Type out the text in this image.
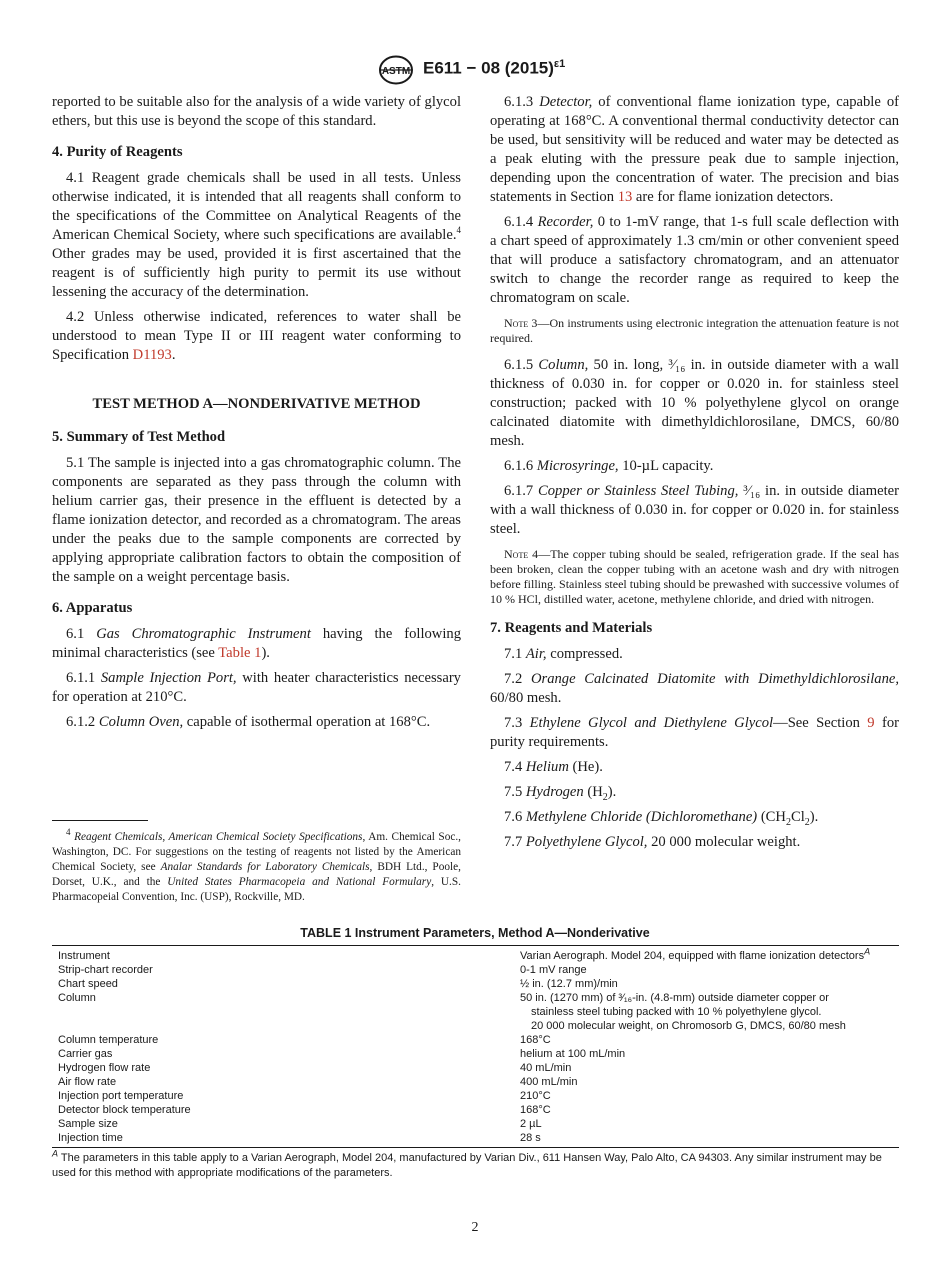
ASTM E611 − 08 $(2015)^{\varepsilon 1}$

reported to be suitable also for the analysis of a wide variety of glycol ethers, but this use is beyond the scope of this standard.

4. Purity of Reagents

4.1 Reagent grade chemicals shall be used in all tests. Unless otherwise indicated, it is intended that all reagents shall conform to the specifications of the Committee on Analytical Reagents of the American Chemical Society, where such specifications are available.$^4$ Other grades may be used, provided it is first ascertained that the reagent is of sufficiently high purity to permit its use without lessening the accuracy of the determination.

4.2 Unless otherwise indicated, references to water shall be understood to mean Type II or III reagent water conforming to Specification D1193.

TEST METHOD A—NONDERIVATIVE METHOD
5. Summary of Test Method

5.1 The sample is injected into a gas chromatographic column. The components are separated as they pass through the column with helium carrier gas, their presence in the effluent is detected by a flame ionization detector, and recorded as a chromatogram. The areas under the peaks due to the sample components are corrected by applying appropriate calibration factors to obtain the composition of the sample on a weight percentage basis.

6. Apparatus

6.1 Gas Chromatographic Instrument having the following minimal characteristics (see Table 1).

6.1.1 Sample Injection Port, with heater characteristics necessary for operation at 210°C.

6.1.2 Column Oven, capable of isothermal operation at 168°C.

$^4$ Reagent Chemicals, American Chemical Society Specifications, Am. Chemical Soc., Washington, DC. For suggestions on the testing of reagents not listed by the American Chemical Society, see Analar Standards for Laboratory Chemicals, BDH Ltd., Poole, Dorset, U.K., and the United States Pharmacopeia and National Formulary, U.S. Pharmacopeial Convention, Inc. (USP), Rockville, MD.

6.1.3 Detector, of conventional flame ionization type, capable of operating at 168°C. A conventional thermal conductivity detector can be used, but sensitivity will be reduced and water may be detected as a peak eluting with the pressure peak due to sample injection, depending upon the concentration of water. The precision and bias statements in Section 13 are for flame ionization detectors.

6.1.4 Recorder, 0 to 1-mV range, that 1-s full scale deflection with a chart speed of approximately 1.3 cm/min or other convenient speed that will produce a satisfactory chromatogram, and an attenuator switch to change the recorder range as required to keep the chromatogram on scale.

Note 3—On instruments using electronic integration the attenuation feature is not required.

6.1.5 Column, 50 in. long, ³⁄₁₆ in. in outside diameter with a wall thickness of 0.030 in. for copper or 0.020 in. for stainless steel construction; packed with 10 % polyethylene glycol on orange calcinated diatomite with dimethyldichlorosilane, DMCS, 60/80 mesh.

6.1.6 Microsyringe, 10-µL capacity.

6.1.7 Copper or Stainless Steel Tubing, ³⁄₁₆ in. in outside diameter with a wall thickness of 0.030 in. for copper or 0.020 in. for stainless steel.

Note 4—The copper tubing should be sealed, refrigeration grade. If the seal has been broken, clean the copper tubing with an acetone wash and dry with nitrogen before filling. Stainless steel tubing should be prewashed with successive volumes of 10 % HCl, distilled water, acetone, methylene chloride, and dried with nitrogen.

7. Reagents and Materials

7.1 Air, compressed.

7.2 Orange Calcinated Diatomite with Dimethyldichlorosilane, 60/80 mesh.

7.3 Ethylene Glycol and Diethylene Glycol—See Section 9 for purity requirements.

7.4 Helium (He).

7.5 Hydrogen $(H_2)$.

7.6 Methylene Chloride (Dichloromethane) $(CH_2Cl_2)$.

7.7 Polyethylene Glycol, 20 000 molecular weight.

TABLE 1 Instrument Parameters, Method A—Nonderivative
Instrument	Varian Aerograph. Model 204, equipped with flame ionization detectors$^A$
Strip-chart recorder	0-1 mV range
Chart speed	½ in. (12.7 mm)/min
Column	50 in. (1270 mm) of ³⁄₁₆-in. (4.8-mm) outside diameter copper or
stainless steel tubing packed with 10 % polyethylene glycol.
20 000 molecular weight, on Chromosorb G, DMCS, 60/80 mesh
Column temperature	168°C
Carrier gas	helium at 100 mL/min
Hydrogen flow rate	40 mL/min
Air flow rate	400 mL/min
Injection port temperature	210°C
Detector block temperature	168°C
Sample size	2 µL
Injection time	28 s
$^A$ The parameters in this table apply to a Varian Aerograph, Model 204, manufactured by Varian Div., 611 Hansen Way, Palo Alto, CA 94303. Any similar instrument may be used for this method with appropriate modifications of the parameters.
2
